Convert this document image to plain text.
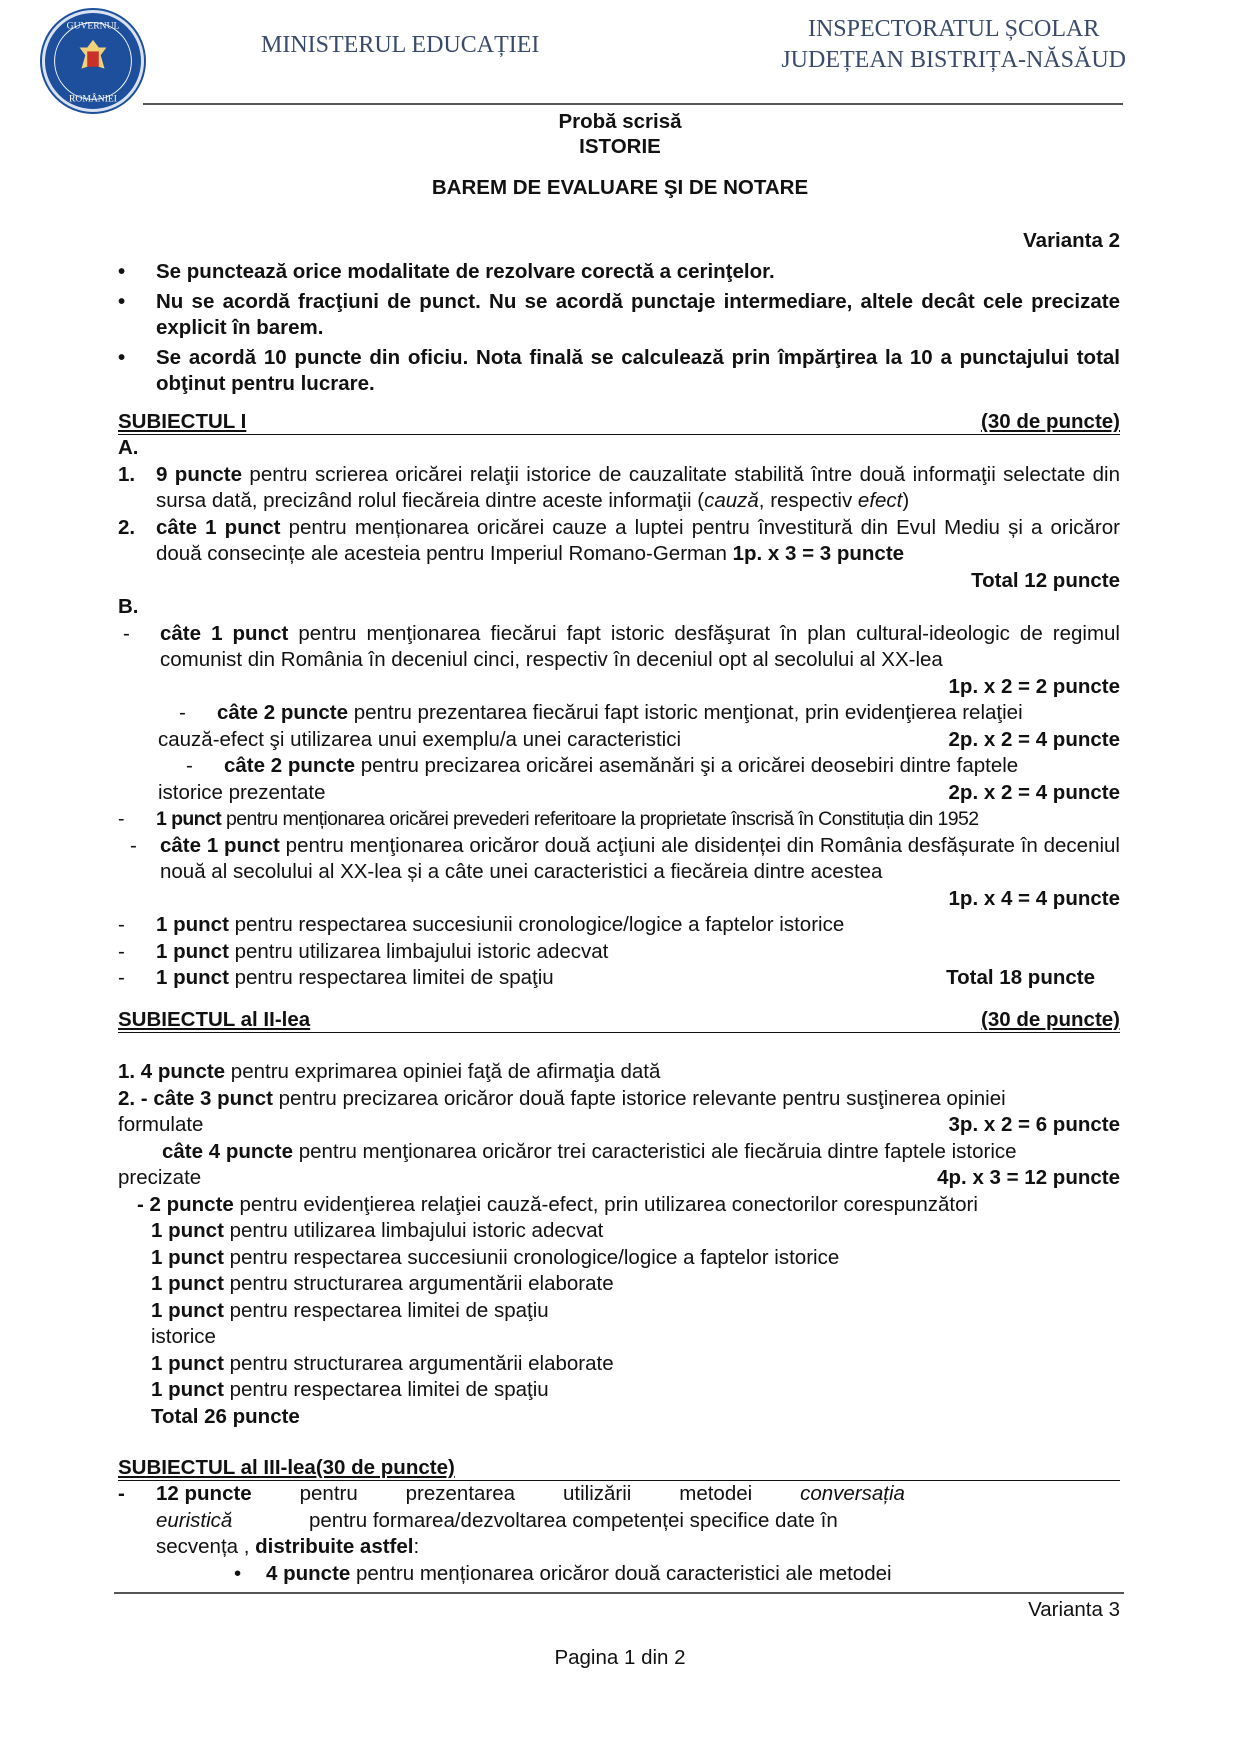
GUVERNUL
ROMÂNIEI
MINISTERUL EDUCAȚIEI
INSPECTORATUL ȘCOLAR
JUDEȚEAN BISTRIȚA-NĂSĂUD
Probă scrisă
ISTORIE
BAREM DE EVALUARE ŞI DE NOTARE
Varianta 2
• Se punctează orice modalitate de rezolvare corectă a cerinţelor.
• Nu se acordă fracţiuni de punct. Nu se acordă punctaje intermediare, altele decât cele precizate explicit în barem.
• Se acordă 10 puncte din oficiu. Nota finală se calculează prin împărţirea la 10 a punctajului total obţinut pentru lucrare.
SUBIECTUL I	(30 de puncte)
A.
1. 9 puncte pentru scrierea oricărei relaţii istorice de cauzalitate stabilită între două informaţii selectate din sursa dată, precizând rolul fiecăreia dintre aceste informaţii (cauză, respectiv efect)
2. câte 1 punct pentru menționarea oricărei cauze a luptei pentru învestitură din Evul Mediu și a oricăror două consecințe ale acesteia pentru Imperiul Romano-German 1p. x 3 = 3 puncte
Total 12 puncte
B.
- câte 1 punct pentru menţionarea fiecărui fapt istoric desfăşurat în plan cultural-ideologic de regimul comunist din România în deceniul cinci, respectiv în deceniul opt al secolului al XX-lea
1p. x 2 = 2 puncte
- câte 2 puncte pentru prezentarea fiecărui fapt istoric menţionat, prin evidenţierea relaţiei
cauză-efect şi utilizarea unui exemplu/a unei caracteristici	2p. x 2 = 4 puncte
- câte 2 puncte pentru precizarea oricărei asemănări şi a oricărei deosebiri dintre faptele
istorice prezentate	2p. x 2 = 4 puncte
- 1 punct pentru menționarea oricărei prevederi referitoare la proprietate înscrisă în Constituția din 1952
- câte 1 punct pentru menţionarea oricăror două acţiuni ale disidenței din România desfășurate în deceniul nouă al secolului al XX-lea și a câte unei caracteristici a fiecăreia dintre acestea
1p. x 4 = 4 puncte
- 1 punct pentru respectarea succesiunii cronologice/logice a faptelor istorice
- 1 punct pentru utilizarea limbajului istoric adecvat
- 1 punct pentru respectarea limitei de spaţiu	Total 18 puncte
SUBIECTUL al II-lea	(30 de puncte)
1. 4 puncte pentru exprimarea opiniei faţă de afirmaţia dată
2. - câte 3 punct pentru precizarea oricăror două fapte istorice relevante pentru susţinerea opiniei
formulate	3p. x 2 = 6 puncte
câte 4 puncte pentru menţionarea oricăror trei caracteristici ale fiecăruia dintre faptele istorice
precizate	4p. x 3 = 12 puncte
- 2 puncte pentru evidenţierea relaţiei cauză-efect, prin utilizarea conectorilor corespunzători
1 punct pentru utilizarea limbajului istoric adecvat
1 punct pentru respectarea succesiunii cronologice/logice a faptelor istorice
1 punct pentru structurarea argumentării elaborate
1 punct pentru respectarea limitei de spaţiu
istorice
1 punct pentru structurarea argumentării elaborate
1 punct pentru respectarea limitei de spaţiu
Total 26 puncte
SUBIECTUL al III-lea(30 de puncte)
- 12 puncte pentru prezentarea utilizării metodei conversația
euristică	pentru formarea/dezvoltarea competenței specifice date în
secvența , distribuite astfel:
• 4 puncte pentru menționarea oricăror două caracteristici ale metodei
Varianta 3
Pagina 1 din 2
